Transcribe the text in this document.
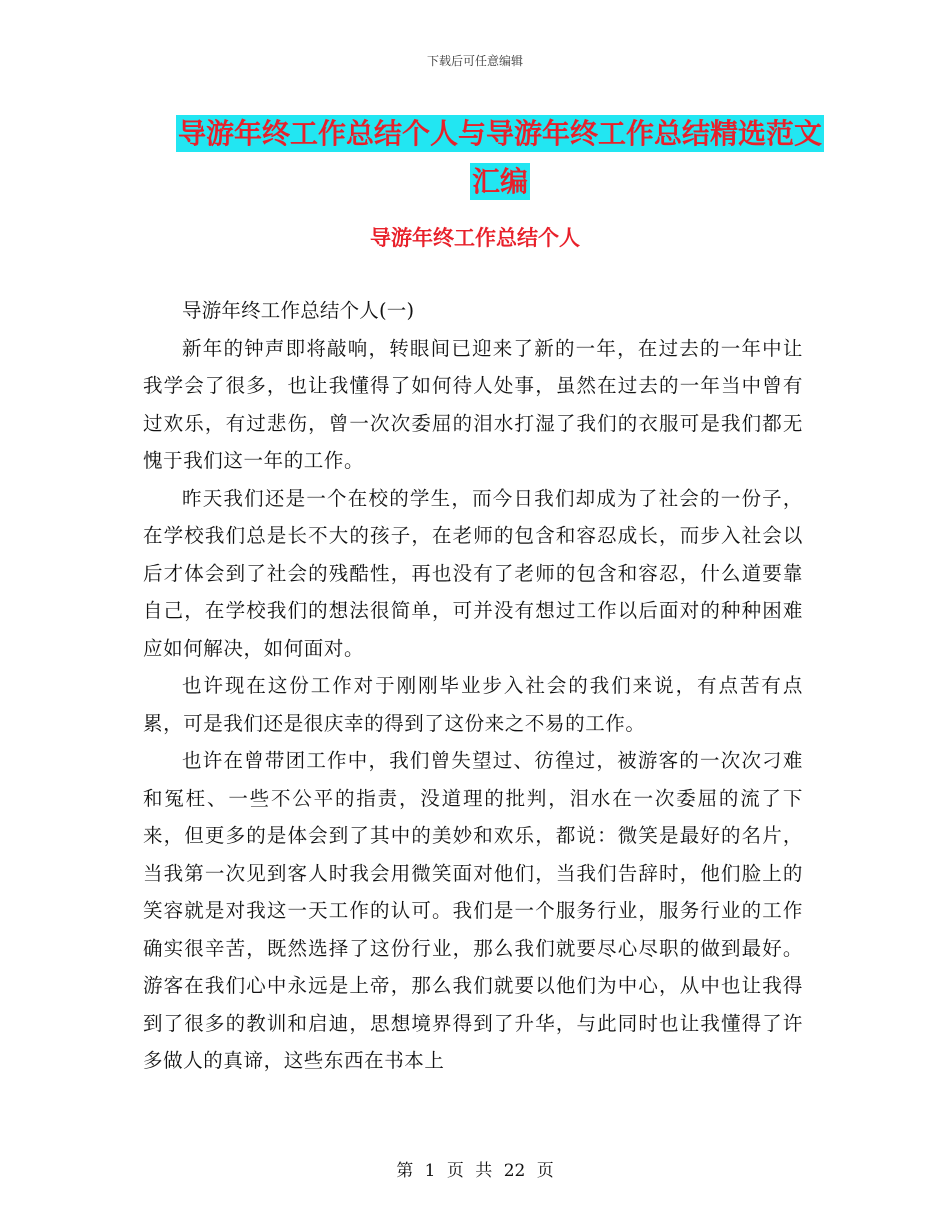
下载后可任意编辑
导游年终工作总结个人与导游年终工作总结精选范文
汇编
导游年终工作总结个人

导游年终工作总结个人(一)

新年的钟声即将敲响，转眼间已迎来了新的一年，在过去的一年中让我学会了很多，也让我懂得了如何待人处事，虽然在过去的一年当中曾有过欢乐，有过悲伤，曾一次次委屈的泪水打湿了我们的衣服可是我们都无愧于我们这一年的工作。

昨天我们还是一个在校的学生，而今日我们却成为了社会的一份子，在学校我们总是长不大的孩子，在老师的包含和容忍成长，而步入社会以后才体会到了社会的残酷性，再也没有了老师的包含和容忍，什么道要靠自己，在学校我们的想法很简单，可并没有想过工作以后面对的种种困难应如何解决，如何面对。

也许现在这份工作对于刚刚毕业步入社会的我们来说，有点苦有点累，可是我们还是很庆幸的得到了这份来之不易的工作。

也许在曾带团工作中，我们曾失望过、彷徨过，被游客的一次次刁难和冤枉、一些不公平的指责，没道理的批判，泪水在一次委屈的流了下来，但更多的是体会到了其中的美妙和欢乐，都说：微笑是最好的名片，当我第一次见到客人时我会用微笑面对他们，当我们告辞时，他们脸上的笑容就是对我这一天工作的认可。我们是一个服务行业，服务行业的工作确实很辛苦，既然选择了这份行业，那么我们就要尽心尽职的做到最好。游客在我们心中永远是上帝，那么我们就要以他们为中心，从中也让我得到了很多的教训和启迪，思想境界得到了升华，与此同时也让我懂得了许多做人的真谛，这些东西在书本上

第 1 页 共 22 页
